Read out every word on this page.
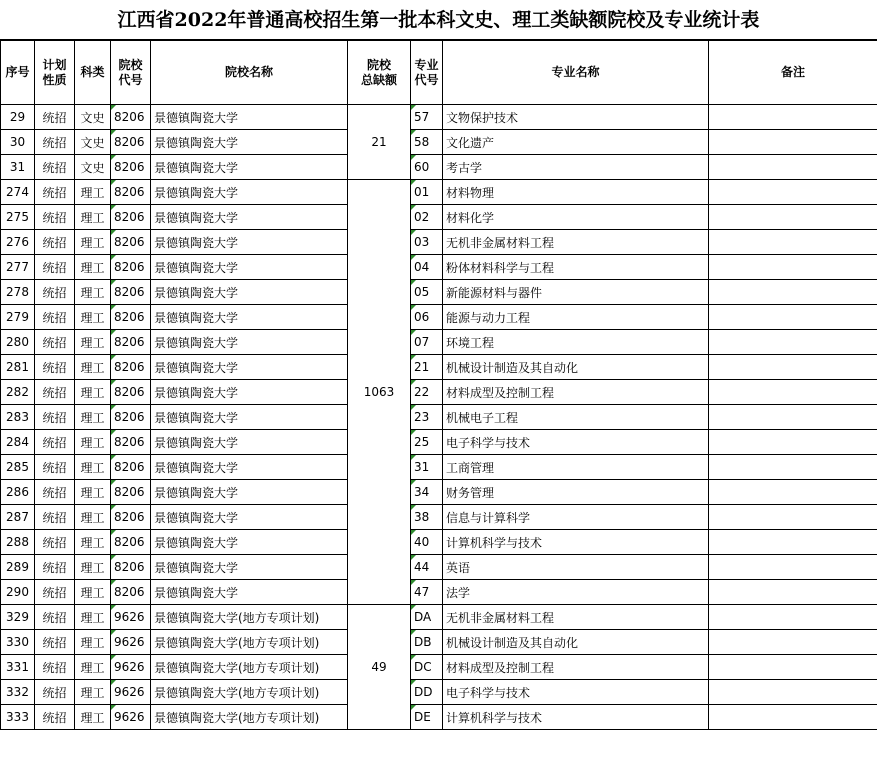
江西省2022年普通高校招生第一批本科文史、理工类缺额院校及专业统计表
序号	计划
性质	科类	院校
代号	院校名称	院校
总缺额	专业
代号	专业名称	备注
29	统招	文史	8206	景德镇陶瓷大学	21	57	文物保护技术	
30	统招	文史	8206	景德镇陶瓷大学		58	文化遗产	
31	统招	文史	8206	景德镇陶瓷大学		60	考古学	
274	统招	理工	8206	景德镇陶瓷大学	1063	01	材料物理	
275	统招	理工	8206	景德镇陶瓷大学		02	材料化学	
276	统招	理工	8206	景德镇陶瓷大学		03	无机非金属材料工程	
277	统招	理工	8206	景德镇陶瓷大学		04	粉体材料科学与工程	
278	统招	理工	8206	景德镇陶瓷大学		05	新能源材料与器件	
279	统招	理工	8206	景德镇陶瓷大学		06	能源与动力工程	
280	统招	理工	8206	景德镇陶瓷大学		07	环境工程	
281	统招	理工	8206	景德镇陶瓷大学		21	机械设计制造及其自动化	
282	统招	理工	8206	景德镇陶瓷大学		22	材料成型及控制工程	
283	统招	理工	8206	景德镇陶瓷大学		23	机械电子工程	
284	统招	理工	8206	景德镇陶瓷大学		25	电子科学与技术	
285	统招	理工	8206	景德镇陶瓷大学		31	工商管理	
286	统招	理工	8206	景德镇陶瓷大学		34	财务管理	
287	统招	理工	8206	景德镇陶瓷大学		38	信息与计算科学	
288	统招	理工	8206	景德镇陶瓷大学		40	计算机科学与技术	
289	统招	理工	8206	景德镇陶瓷大学		44	英语	
290	统招	理工	8206	景德镇陶瓷大学		47	法学	
329	统招	理工	9626	景德镇陶瓷大学(地方专项计划)	49	DA	无机非金属材料工程	
330	统招	理工	9626	景德镇陶瓷大学(地方专项计划)		DB	机械设计制造及其自动化	
331	统招	理工	9626	景德镇陶瓷大学(地方专项计划)		DC	材料成型及控制工程	
332	统招	理工	9626	景德镇陶瓷大学(地方专项计划)		DD	电子科学与技术	
333	统招	理工	9626	景德镇陶瓷大学(地方专项计划)		DE	计算机科学与技术	
